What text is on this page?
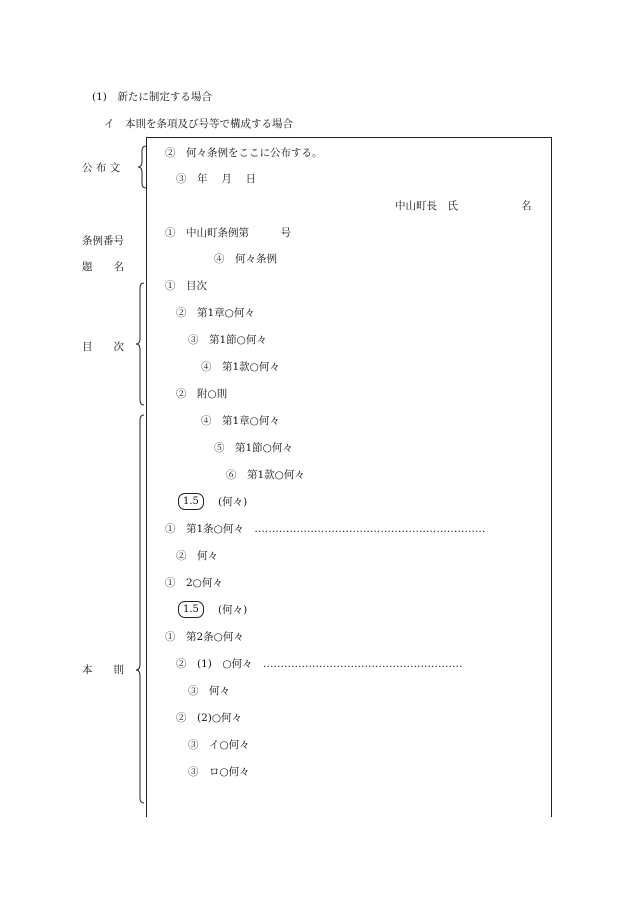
(1)　新たに制定する場合
イ　本則を条項及び号等で構成する場合
公 布 文
条例番号
題　　名
目　　次
本　　則
②　何々条例をここに公布する。
③　年　 月　 日
中山町長　氏　　　　　　名
①　中山町条例第　　　号
④　何々条例
①　目次
②　第1章○何々
③　第1節○何々
④　第1款○何々
②　附○則
④　第1章○何々
⑤　第1節○何々
⑥　第1款○何々
1.5	(何々)
①　第1条○何々　…………………………………………………………
②　何々
①　2○何々
1.5	(何々)
①　第2条○何々
②　(1)　○何々　…………………………………………………
③　何々
②　(2)○何々
③　イ○何々
③　ロ○何々
